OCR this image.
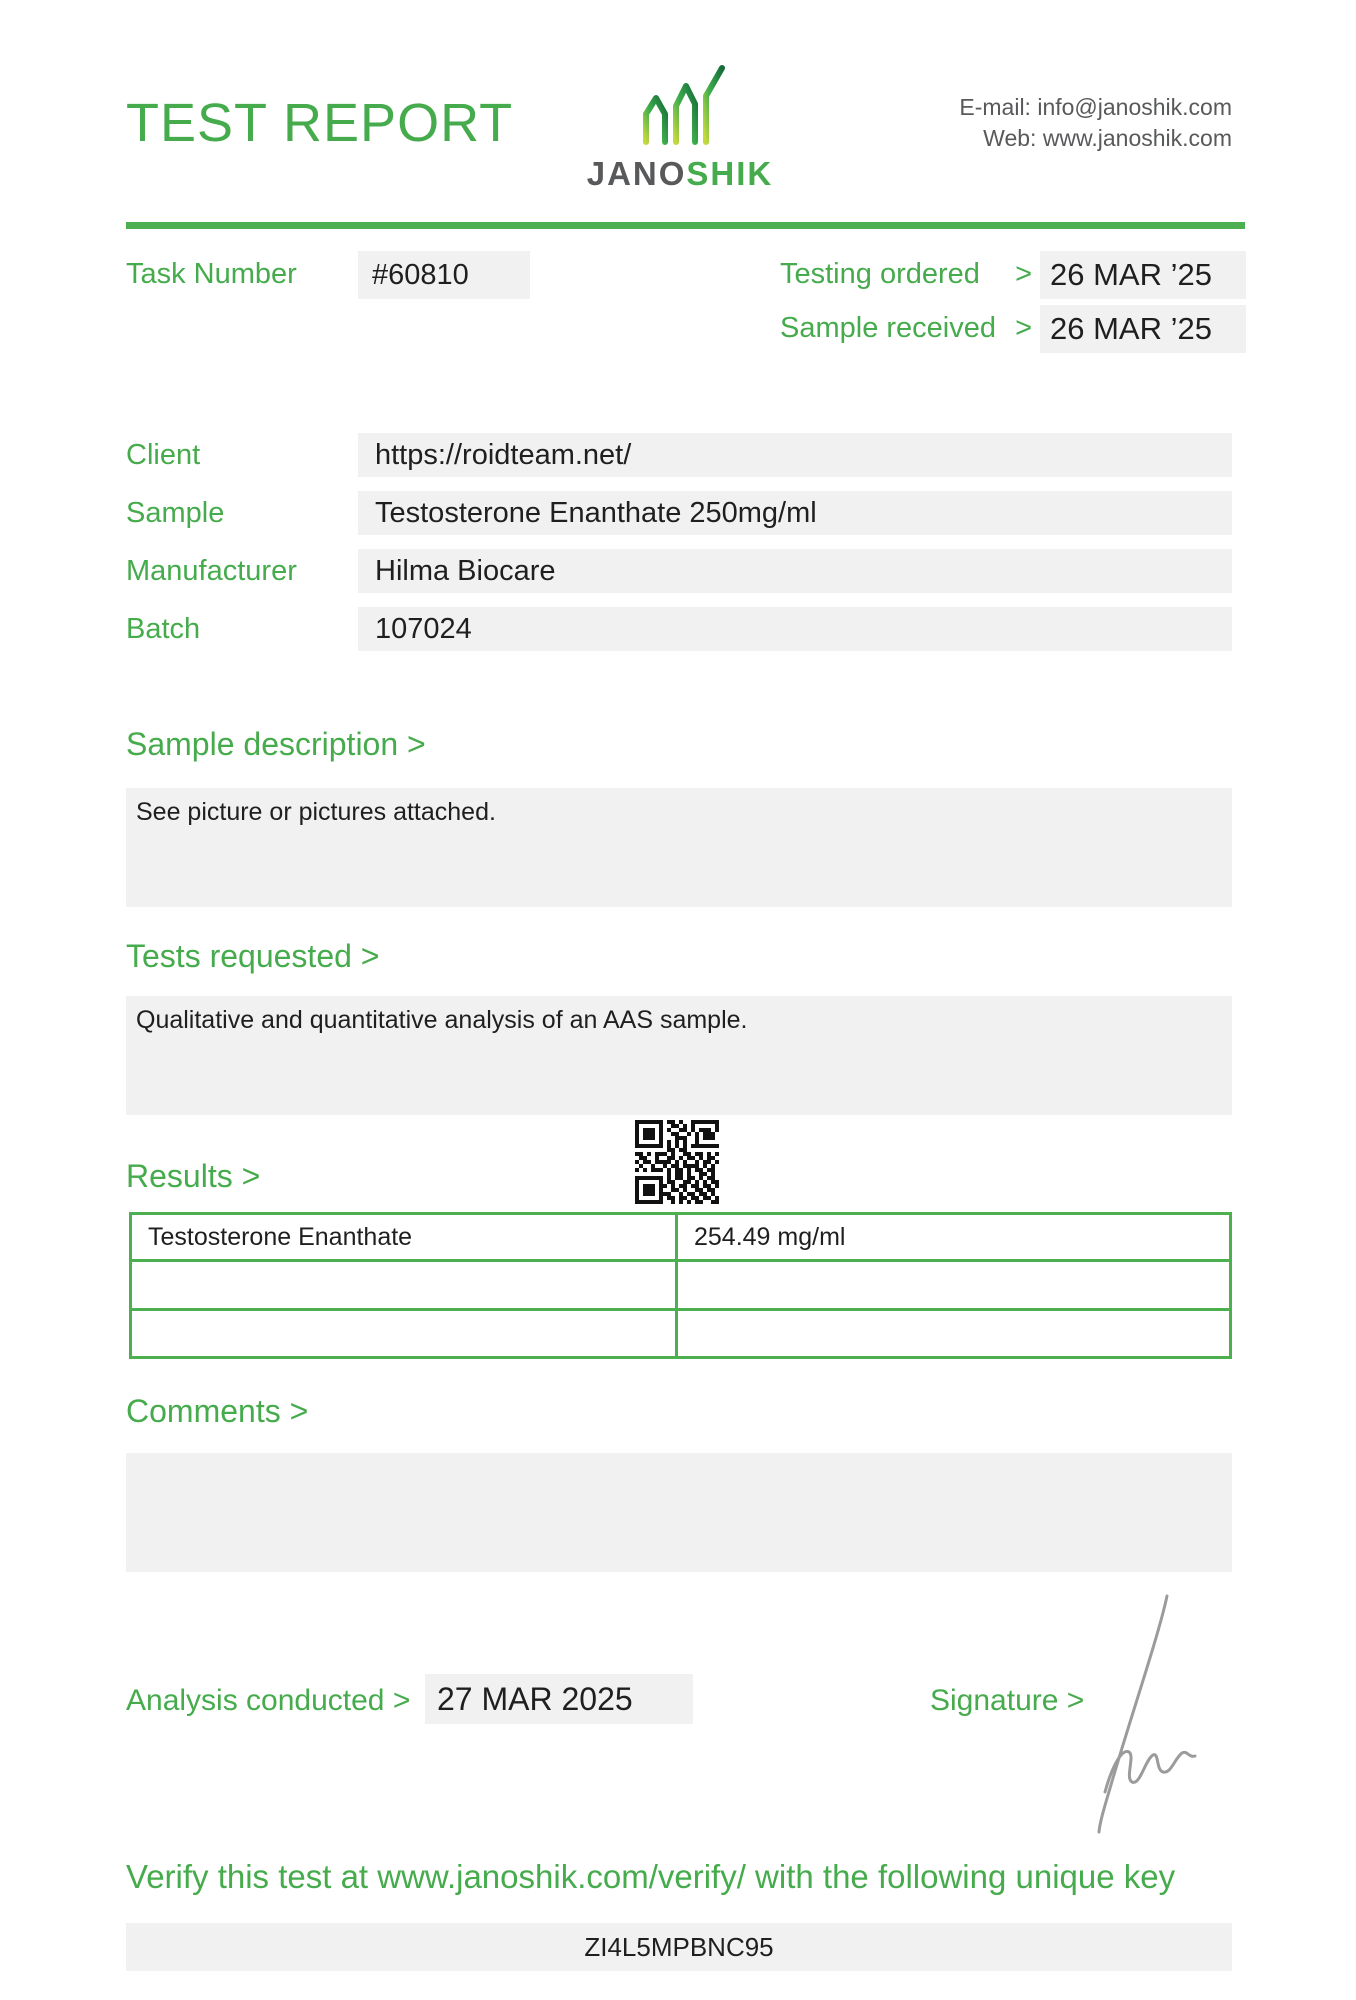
TEST REPORT
JANOSHIK
E-mail: info@janoshik.com
Web: www.janoshik.com
Task Number	#60810	Testing ordered > 26 MAR ’25
Sample received > 26 MAR ’25
Client	https://roidteam.net/
Sample	Testosterone Enanthate 250mg/ml
Manufacturer	Hilma Biocare
Batch	107024
Sample description >
See picture or pictures attached.
Tests requested >
Qualitative and quantitative analysis of an AAS sample.
Results >
Testosterone Enanthate	254.49 mg/ml
Comments >
Analysis conducted > 27 MAR 2025	Signature >
Verify this test at www.janoshik.com/verify/ with the following unique key
ZI4L5MPBNC95
